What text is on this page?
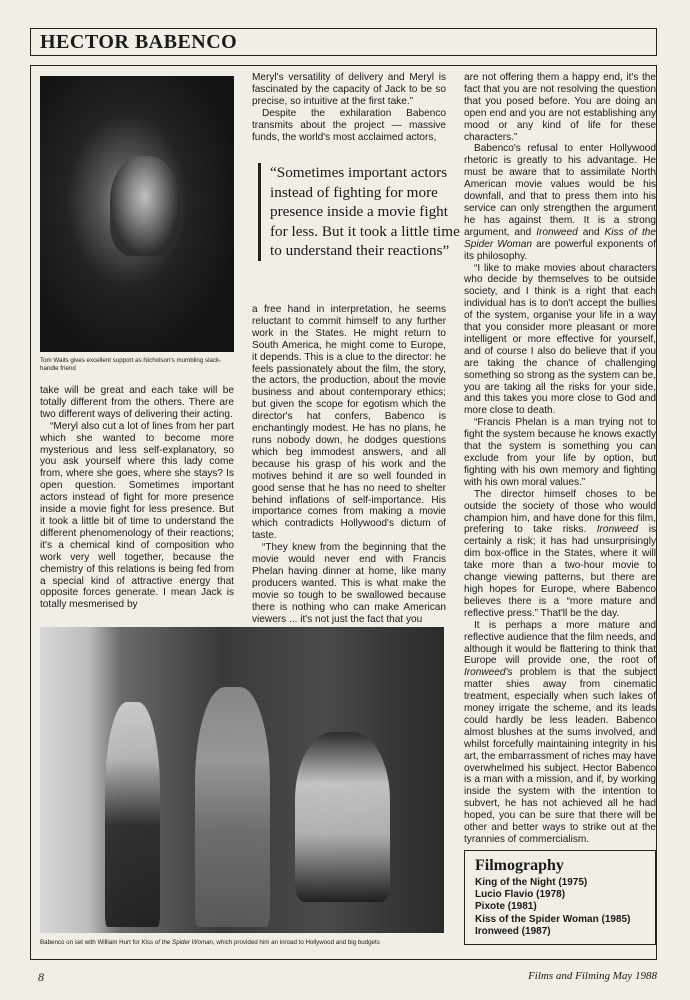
HECTOR BABENCO
Tom Waits gives excellent support as Nicholson's mumbling slack-handle friend

take will be great and each take will be totally different from the others. There are two different ways of delivering their acting.

“Meryl also cut a lot of lines from her part which she wanted to become more mysterious and less self-explanatory, so you ask yourself where this lady come from, where she goes, where she stays? Is open question. Sometimes important actors instead of fight for more presence inside a movie fight for less presence. But it took a little bit of time to understand the different phenomenology of their reactions; it's a chemical kind of composition who work very well together, because the chemistry of this relations is being fed from a special kind of attractive energy that opposite forces generate. I mean Jack is totally mesmerised by

Meryl's versatility of delivery and Meryl is fascinated by the capacity of Jack to be so precise, so intuitive at the first take.”

Despite the exhilaration Babenco transmits about the project — massive funds, the world's most acclaimed actors,

“Sometimes important actors instead of fighting for more presence inside a movie fight for less. But it took a little time to understand their reactions”

a free hand in interpretation, he seems reluctant to commit himself to any further work in the States. He might return to South America, he might come to Europe, it depends. This is a clue to the director: he feels passionately about the film, the story, the actors, the production, about the movie business and about contemporary ethics; but given the scope for egotism which the director's hat confers, Babenco is enchantingly modest. He has no plans, he runs nobody down, he dodges questions which beg immodest answers, and all because his grasp of his work and the motives behind it are so well founded in good sense that he has no need to shelter behind inflations of self-importance. His importance comes from making a movie which contradicts Hollywood's dictum of taste.

“They knew from the beginning that the movie would never end with Francis Phelan having dinner at home, like many producers wanted. This is what make the movie so tough to be swallowed because there is nothing who can make American viewers ... it's not just the fact that you

are not offering them a happy end, it's the fact that you are not resolving the question that you posed before. You are doing an open end and you are not establishing any mood or any kind of life for these characters.”

Babenco's refusal to enter Hollywood rhetoric is greatly to his advantage. He must be aware that to assimilate North American movie values would be his downfall, and that to press them into his service can only strengthen the argument he has against them. It is a strong argument, and Ironweed and Kiss of the Spider Woman are powerful exponents of its philosophy.

“I like to make movies about characters who decide by themselves to be outside society, and I think is a right that each individual has is to don't accept the bullies of the system, organise your life in a way that you consider more pleasant or more intelligent or more effective for yourself, and of course I also do believe that if you are taking the chance of challenging something so strong as the system can be, you are taking all the risks for your side, and this takes you more close to God and more close to death.

“Francis Phelan is a man trying not to fight the system because he knows exactly that the system is something you can exclude from your life by option, but fighting with his own memory and fighting with his own moral values.”

The director himself choses to be outside the society of those who would champion him, and have done for this film, prefering to take risks. Ironweed is certainly a risk; it has had unsurprisingly dim box-office in the States, where it will take more than a two-hour movie to change viewing patterns, but there are high hopes for Europe, where Babenco believes there is a “more mature and reflective press.” That'll be the day.

It is perhaps a more mature and reflective audience that the film needs, and although it would be flattering to think that Europe will provide one, the root of Ironweed's problem is that the subject matter shies away from cinematic treatment, especially when such lakes of money irrigate the scheme, and its leads could hardly be less leaden. Babenco almost blushes at the sums involved, and whilst forcefully maintaining integrity in his art, the embarrassment of riches may have overwhelmed his subject. Hector Babenco is a man with a mission, and if, by working inside the system with the intention to subvert, he has not achieved all he had hoped, you can be sure that there will be other and better ways to strike out at the tyrannies of commercialism.

Babenco on set with William Hurt for Kiss of the Spider Woman, which provided him an inroad to Hollywood and big budgets
Filmography
King of the Night (1975)
Lucio Flavio (1978)
Pixote (1981)
Kiss of the Spider Woman (1985)
Ironweed (1987)
8	Films and Filming May 1988
